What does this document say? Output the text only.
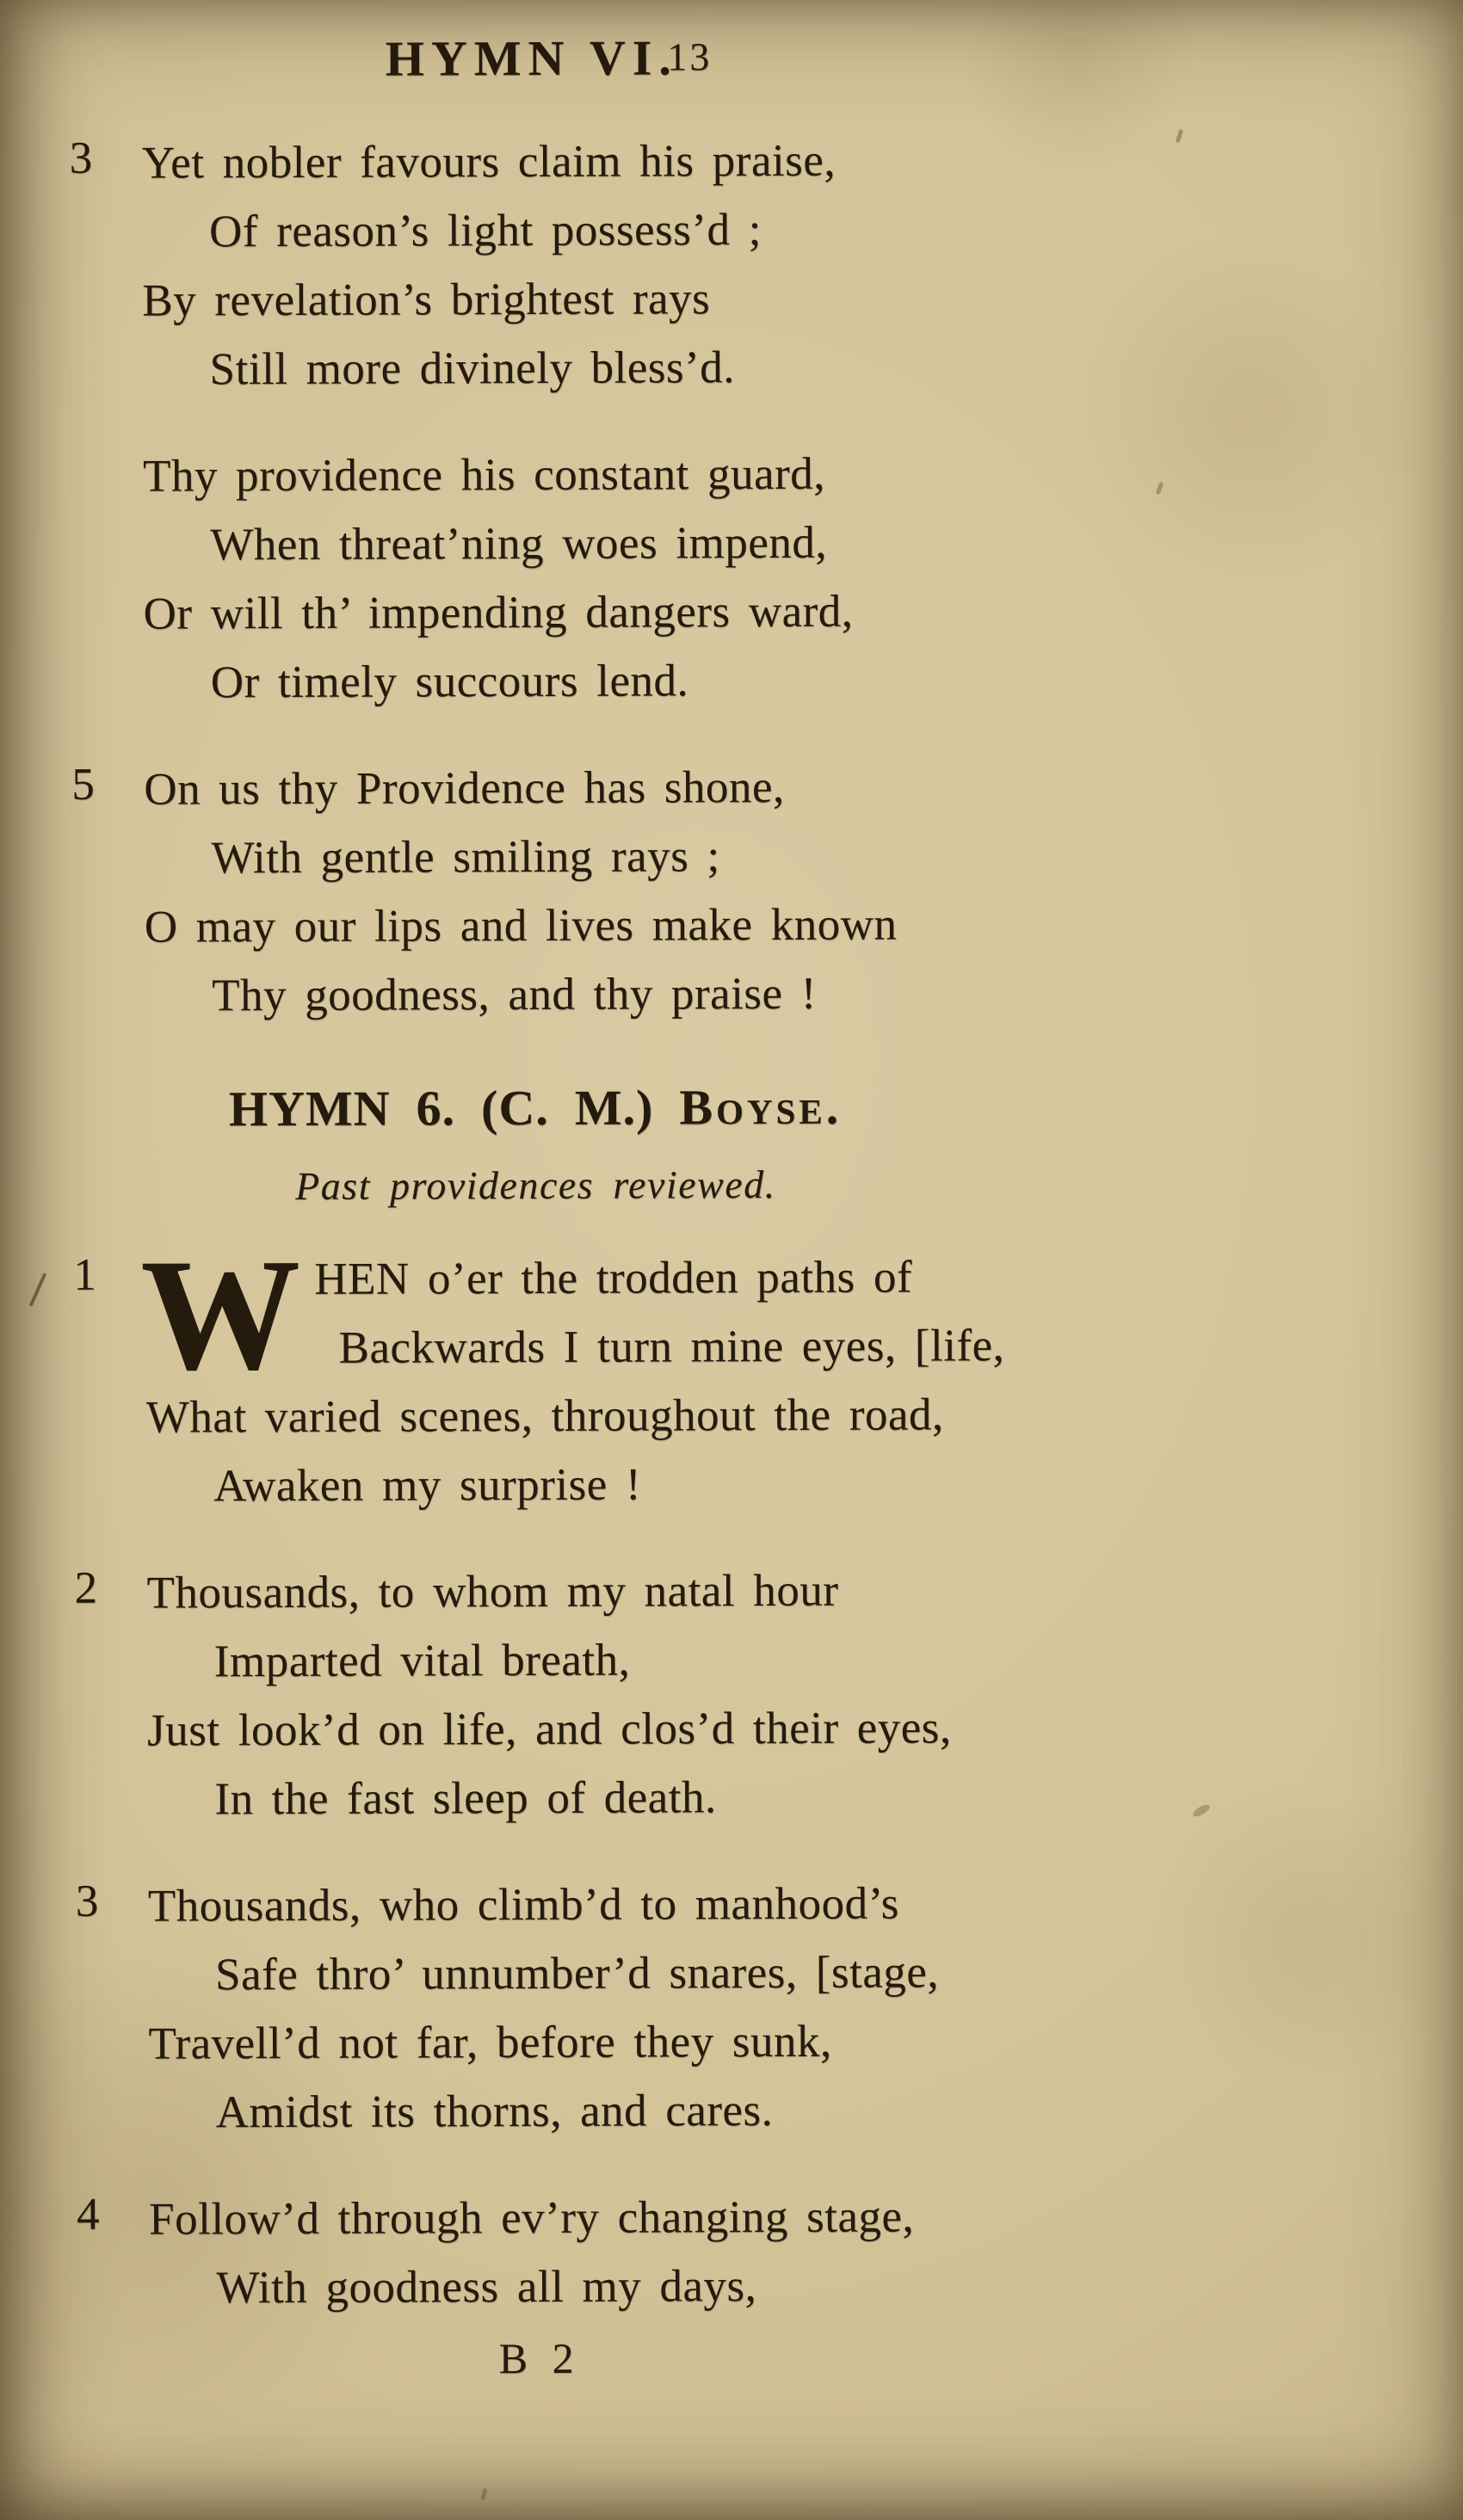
HYMN VI.
13
3	Yet nobler favours claim his praise,

Of reason’s light possess’d ;

By revelation’s brightest rays

Still more divinely bless’d.

Thy providence his constant guard,

When threat’ning woes impend,

Or will th’ impending dangers ward,

Or timely succours lend.

5	On us thy Providence has shone,

With gentle smiling rays ;

O may our lips and lives make known

Thy goodness, and thy praise !

HYMN 6. (C. M.) Boyse.

Past providences reviewed.

1 W HEN o’er the trodden paths of

Backwards I turn mine eyes, [life,

What varied scenes, throughout the road,

Awaken my surprise !

2	Thousands, to whom my natal hour

Imparted vital breath,

Just look’d on life, and clos’d their eyes,

In the fast sleep of death.

3	Thousands, who climb’d to manhood’s

Safe thro’ unnumber’d snares, [stage,

Travell’d not far, before they sunk,

Amidst its thorns, and cares.

4	Follow’d through ev’ry changing stage,

With goodness all my days,

B 2
